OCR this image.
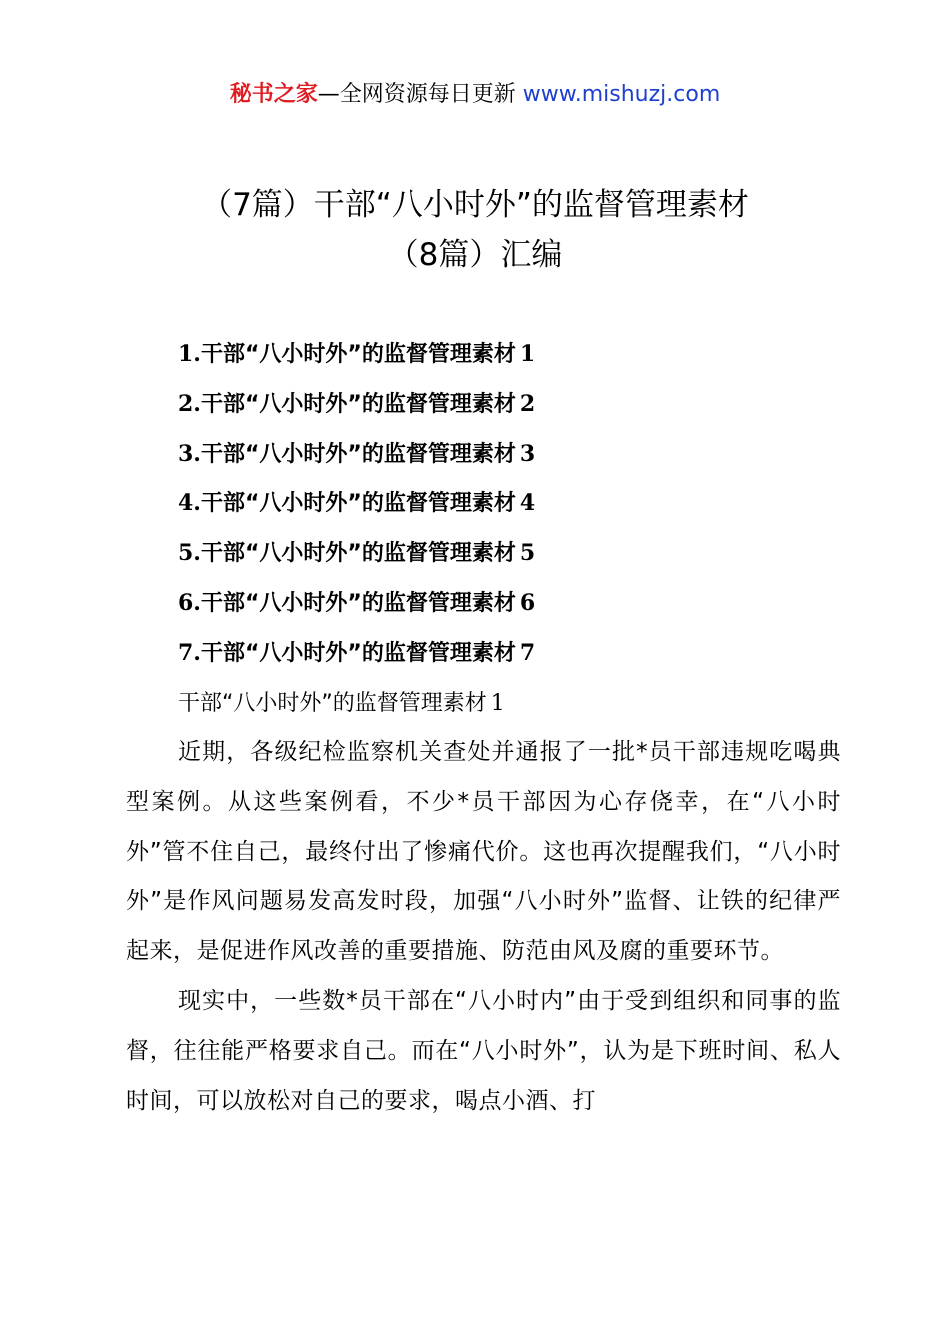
秘书之家—全网资源每日更新 www.mishuzj.com
（7篇）干部“八小时外”的监督管理素材
（8篇）汇编
1.干部“八小时外”的监督管理素材 1
2.干部“八小时外”的监督管理素材 2
3.干部“八小时外”的监督管理素材 3
4.干部“八小时外”的监督管理素材 4
5.干部“八小时外”的监督管理素材 5
6.干部“八小时外”的监督管理素材 6
7.干部“八小时外”的监督管理素材 7
干部“八小时外”的监督管理素材 1

近期，各级纪检监察机关查处并通报了一批*员干部违规吃喝典型案例。从这些案例看，不少*员干部因为心存侥幸，在“八小时外”管不住自己，最终付出了惨痛代价。这也再次提醒我们，“八小时外”是作风问题易发高发时段，加强“八小时外”监督、让铁的纪律严起来，是促进作风改善的重要措施、防范由风及腐的重要环节。

现实中，一些数*员干部在“八小时内”由于受到组织和同事的监督，往往能严格要求自己。而在“八小时外”，认为是下班时间、私人时间，可以放松对自己的要求，喝点小酒、打
